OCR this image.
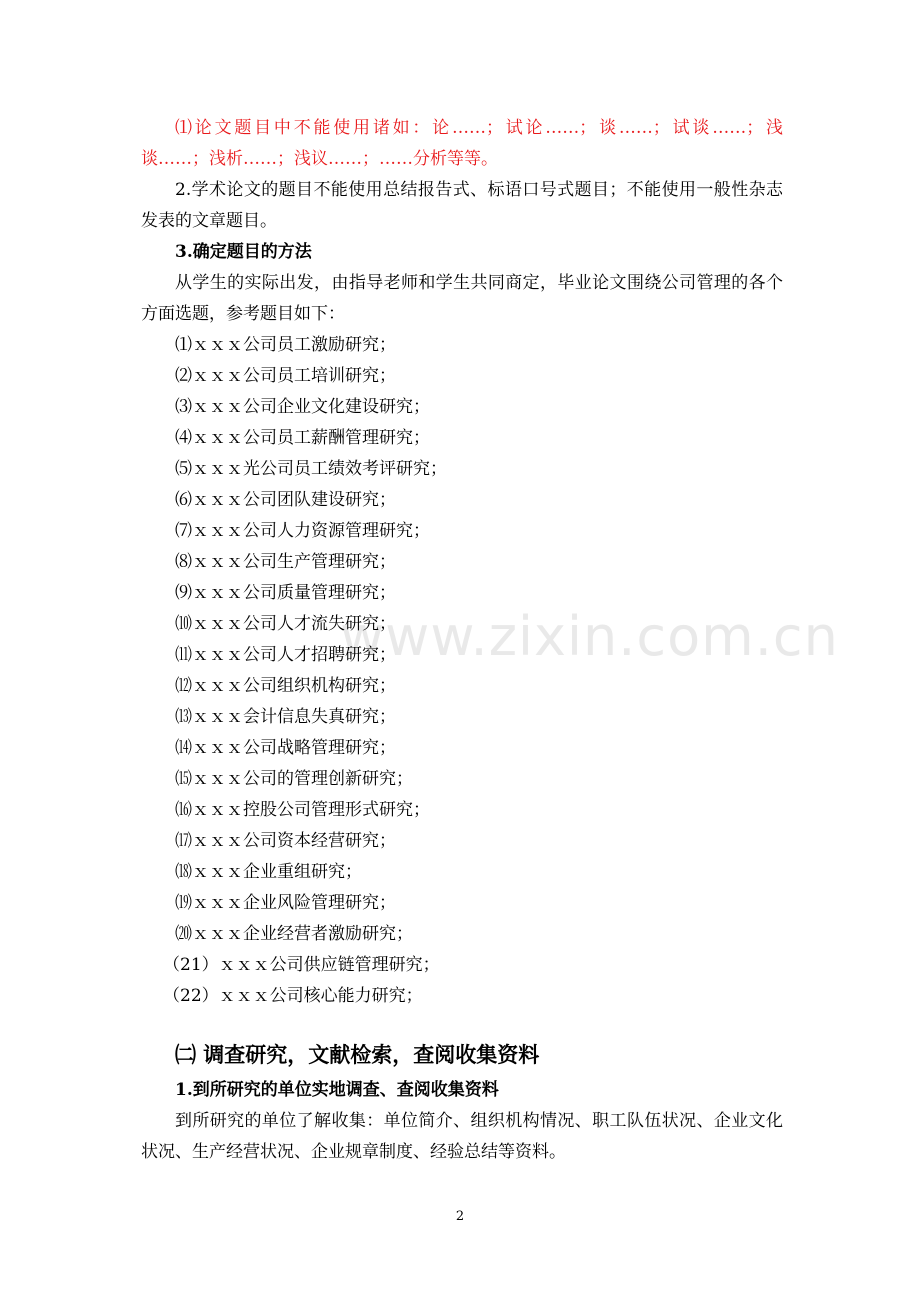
www.zixin.com.cn

⑴论文题目中不能使用诸如：论……；试论……；谈……；试谈……；浅谈……；浅析……；浅议……；……分析等等。

2.学术论文的题目不能使用总结报告式、标语口号式题目；不能使用一般性杂志发表的文章题目。

3.确定题目的方法

从学生的实际出发，由指导老师和学生共同商定，毕业论文围绕公司管理的各个方面选题，参考题目如下：

⑴ｘｘｘ公司员工激励研究；

⑵ｘｘｘ公司员工培训研究；

⑶ｘｘｘ公司企业文化建设研究；

⑷ｘｘｘ公司员工薪酬管理研究；

⑸ｘｘｘ光公司员工绩效考评研究；

⑹ｘｘｘ公司团队建设研究；

⑺ｘｘｘ公司人力资源管理研究；

⑻ｘｘｘ公司生产管理研究；

⑼ｘｘｘ公司质量管理研究；

⑽ｘｘｘ公司人才流失研究；

⑾ｘｘｘ公司人才招聘研究；

⑿ｘｘｘ公司组织机构研究；

⒀ｘｘｘ会计信息失真研究；

⒁ｘｘｘ公司战略管理研究；

⒂ｘｘｘ公司的管理创新研究；

⒃ｘｘｘ控股公司管理形式研究；

⒄ｘｘｘ公司资本经营研究；

⒅ｘｘｘ企业重组研究；

⒆ｘｘｘ企业风险管理研究；

⒇ｘｘｘ企业经营者激励研究；

（21）ｘｘｘ公司供应链管理研究；

（22）ｘｘｘ公司核心能力研究；

㈡ 调查研究，文献检索，查阅收集资料

1.到所研究的单位实地调查、查阅收集资料

到所研究的单位了解收集：单位简介、组织机构情况、职工队伍状况、企业文化状况、生产经营状况、企业规章制度、经验总结等资料。

2
